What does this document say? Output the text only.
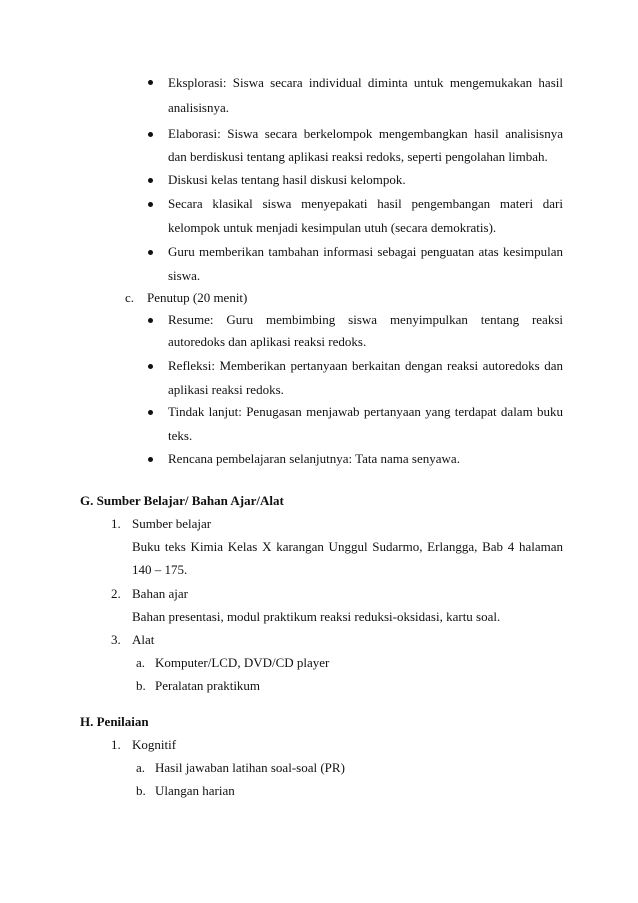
Eksplorasi: Siswa secara individual diminta untuk mengemukakan hasil
analisisnya.
Elaborasi: Siswa secara berkelompok mengembangkan hasil analisisnya
dan berdiskusi tentang aplikasi reaksi redoks, seperti pengolahan limbah.
Diskusi kelas tentang hasil diskusi kelompok.
Secara klasikal siswa menyepakati hasil pengembangan materi dari
kelompok untuk menjadi kesimpulan utuh (secara demokratis).
Guru memberikan tambahan informasi sebagai penguatan atas kesimpulan
siswa.
c. Penutup (20 menit)
Resume: Guru membimbing siswa menyimpulkan tentang reaksi
autoredoks dan aplikasi reaksi redoks.
Refleksi: Memberikan pertanyaan berkaitan dengan reaksi autoredoks dan
aplikasi reaksi redoks.
Tindak lanjut: Penugasan menjawab pertanyaan yang terdapat dalam buku
teks.
Rencana pembelajaran selanjutnya: Tata nama senyawa.
G. Sumber Belajar/ Bahan Ajar/Alat
1. Sumber belajar
Buku teks Kimia Kelas X karangan Unggul Sudarmo, Erlangga, Bab 4 halaman
140 – 175.
2. Bahan ajar
Bahan presentasi, modul praktikum reaksi reduksi-oksidasi, kartu soal.
3. Alat
a. Komputer/LCD, DVD/CD player
b. Peralatan praktikum
H. Penilaian
1. Kognitif
a. Hasil jawaban latihan soal-soal (PR)
b. Ulangan harian
